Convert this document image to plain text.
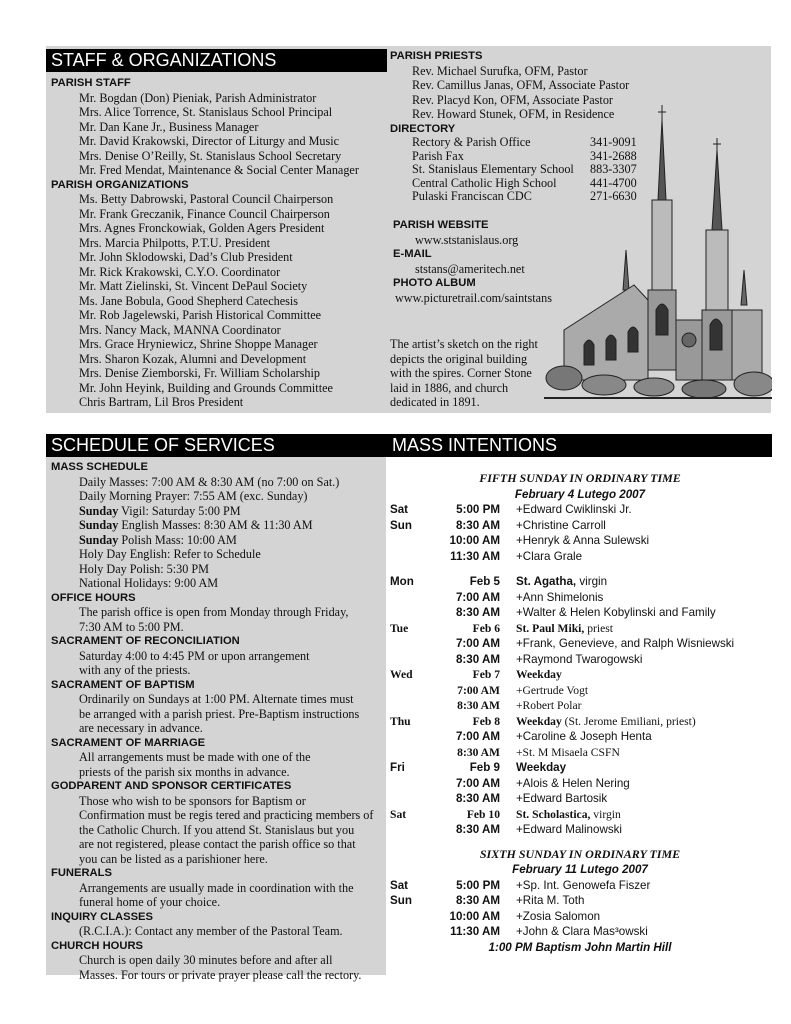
STAFF & ORGANIZATIONS
SCHEDULE OF SERVICES	MASS INTENTIONS
PARISH STAFF
Mr. Bogdan (Don) Pieniak, Parish Administrator
Mrs. Alice Torrence, St. Stanislaus School Principal
Mr. Dan Kane Jr., Business Manager
Mr. David Krakowski, Director of Liturgy and Music
Mrs. Denise O’Reilly, St. Stanislaus School Secretary
Mr. Fred Mendat, Maintenance & Social Center Manager
PARISH ORGANIZATIONS
Ms. Betty Dabrowski, Pastoral Council Chairperson
Mr. Frank Greczanik, Finance Council Chairperson
Mrs. Agnes Fronckowiak, Golden Agers President
Mrs. Marcia Philpotts, P.T.U. President
Mr. John Sklodowski, Dad’s Club President
Mr. Rick Krakowski, C.Y.O. Coordinator
Mr. Matt Zielinski, St. Vincent DePaul Society
Ms. Jane Bobula, Good Shepherd Catechesis
Mr. Rob Jagelewski, Parish Historical Committee
Mrs. Nancy Mack, MANNA Coordinator
Mrs. Grace Hryniewicz, Shrine Shoppe Manager
Mrs. Sharon Kozak, Alumni and Development
Mrs. Denise Ziemborski, Fr. William Scholarship
Mr. John Heyink, Building and Grounds Committee
Chris Bartram, Lil Bros President
PARISH PRIESTS
Rev. Michael Surufka, OFM, Pastor
Rev. Camillus Janas, OFM, Associate Pastor
Rev. Placyd Kon, OFM, Associate Pastor
Rev. Howard Stunek, OFM, in Residence
DIRECTORY
Rectory & Parish Office	341-9091
Parish Fax	341-2688
St. Stanislaus Elementary School	883-3307
Central Catholic High School	441-4700
Pulaski Franciscan CDC	271-6630
PARISH WEBSITE
www.ststanislaus.org
E-MAIL
ststans@ameritech.net
PHOTO ALBUM
www.picturetrail.com/saintstans
The artist’s sketch on the right
depicts the original building
with the spires. Corner Stone
laid in 1886, and church
dedicated in 1891.
MASS SCHEDULE
Daily Masses: 7:00 AM & 8:30 AM (no 7:00 on Sat.)
Daily Morning Prayer: 7:55 AM (exc. Sunday)
Sunday Vigil: Saturday 5:00 PM
Sunday English Masses: 8:30 AM & 11:30 AM
Sunday Polish Mass: 10:00 AM
Holy Day English: Refer to Schedule
Holy Day Polish: 5:30 PM
National Holidays: 9:00 AM
OFFICE HOURS
The parish office is open from Monday through Friday,
7:30 AM to 5:00 PM.
SACRAMENT OF RECONCILIATION
Saturday 4:00 to 4:45 PM or upon arrangement
with any of the priests.
SACRAMENT OF BAPTISM
Ordinarily on Sundays at 1:00 PM. Alternate times must
be arranged with a parish priest. Pre-Baptism instructions
are necessary in advance.
SACRAMENT OF MARRIAGE
All arrangements must be made with one of the
priests of the parish six months in advance.
GODPARENT AND SPONSOR CERTIFICATES
Those who wish to be sponsors for Baptism or
Confirmation must be regis tered and practicing members of
the Catholic Church. If you attend St. Stanislaus but you
are not registered, please contact the parish office so that
you can be listed as a parishioner here.
FUNERALS
Arrangements are usually made in coordination with the
funeral home of your choice.
INQUIRY CLASSES
(R.C.I.A.): Contact any member of the Pastoral Team.
CHURCH HOURS
Church is open daily 30 minutes before and after all
Masses. For tours or private prayer please call the rectory.
FIFTH SUNDAY IN ORDINARY TIME
February 4 Lutego 2007
Sat	5:00 PM	+Edward Cwiklinski Jr.
Sun	8:30 AM	+Christine Carroll
10:00 AM	+Henryk & Anna Sulewski
11:30 AM	+Clara Grale
Mon	Feb 5	St. Agatha, virgin
7:00 AM	+Ann Shimelonis
8:30 AM	+Walter & Helen Kobylinski and Family
Tue	Feb 6	St. Paul Miki, priest
7:00 AM	+Frank, Genevieve, and Ralph Wisniewski
8:30 AM	+Raymond Twarogowski
Wed	Feb 7	Weekday
7:00 AM	+Gertrude Vogt
8:30 AM	+Robert Polar
Thu	Feb 8	Weekday (St. Jerome Emiliani, priest)
7:00 AM	+Caroline & Joseph Henta
8:30 AM	+St. M Misaela CSFN
Fri	Feb 9	Weekday
7:00 AM	+Alois & Helen Nering
8:30 AM	+Edward Bartosik
Sat	Feb 10	St. Scholastica, virgin
8:30 AM	+Edward Malinowski
SIXTH SUNDAY IN ORDINARY TIME
February 11 Lutego 2007
Sat	5:00 PM	+Sp. Int. Genowefa Fiszer
Sun	8:30 AM	+Rita M. Toth
10:00 AM	+Zosia Salomon
11:30 AM	+John & Clara Mas³owski
1:00 PM Baptism John Martin Hill
